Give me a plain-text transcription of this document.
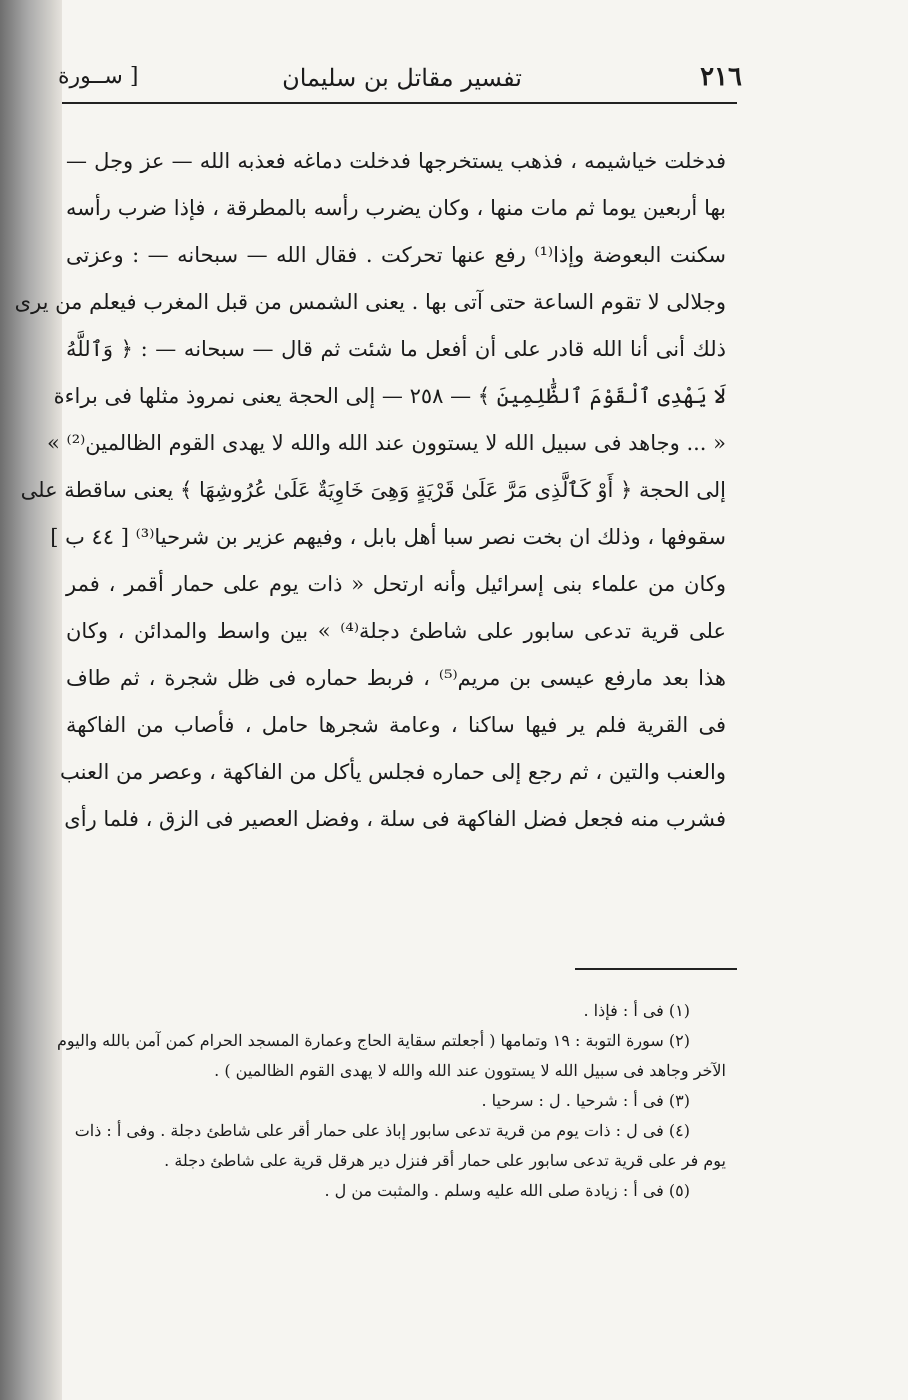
[ ســورة	٢١٦
تفسير مقاتل بن سليمان
فدخلت خياشيمه ، فذهب يستخرجها فدخلت دماغه فعذبه الله — عز وجل —
بها أربعين يوما ثم مات منها ، وكان يضرب رأسه بالمطرقة ، فإذا ضرب رأسه
سكنت البعوضة وإذا⁽¹⁾ رفع عنها تحركت . فقال الله — سبحانه — : وعزتى
وجلالى لا تقوم الساعة حتى آتى بها . يعنى الشمس من قبل المغرب فيعلم من يرى
ذلك أنى أنا الله قادر على أن أفعل ما شئت ثم قال — سبحانه — : ﴿ وَٱللَّهُ
لَا يَهْدِى ٱلْقَوْمَ ٱلظَّٰلِمِينَ ﴾ — ٢٥٨ — إلى الحجة يعنى نمروذ مثلها فى براءة
« ... وجاهد فى سبيل الله لا يستوون عند الله والله لا يهدى القوم الظالمين⁽²⁾ »
إلى الحجة ﴿ أَوْ كَٱلَّذِى مَرَّ عَلَىٰ قَرْيَةٍ وَهِىَ خَاوِيَةٌ عَلَىٰ عُرُوشِهَا ﴾ يعنى ساقطة على
سقوفها ، وذلك ان بخت نصر سبا أهل بابل ، وفيهم عزير بن شرحيا⁽³⁾ [ ٤٤ ب ]
وكان من علماء بنى إسرائيل وأنه ارتحل « ذات يوم على حمار أقمر ، فمر
على قرية تدعى سابور على شاطئ دجلة⁽⁴⁾ » بين واسط والمدائن ، وكان
هذا بعد مارفع عيسى بن مريم⁽⁵⁾ ، فربط حماره فى ظل شجرة ، ثم طاف
فى القرية فلم ير فيها ساكنا ، وعامة شجرها حامل ، فأصاب من الفاكهة
والعنب والتين ، ثم رجع إلى حماره فجلس يأكل من الفاكهة ، وعصر من العنب
فشرب منه فجعل فضل الفاكهة فى سلة ، وفضل العصير فى الزق ، فلما رأى
(١) فى أ : فإذا .
(٢) سورة التوبة : ١٩ وتمامها ( أجعلتم سقاية الحاج وعمارة المسجد الحرام كمن آمن بالله واليوم
الآخر وجاهد فى سبيل الله لا يستوون عند الله والله لا يهدى القوم الظالمين ) .
(٣) فى أ : شرحيا . ل : سرحيا .
(٤) فى ل : ذات يوم من قرية تدعى سابور إباذ على حمار أقر على شاطئ دجلة . وفى أ : ذات
يوم فر على قرية تدعى سابور على حمار أقر فنزل دير هرقل قرية على شاطئ دجلة .
(٥) فى أ : زيادة صلى الله عليه وسلم . والمثبت من ل .
